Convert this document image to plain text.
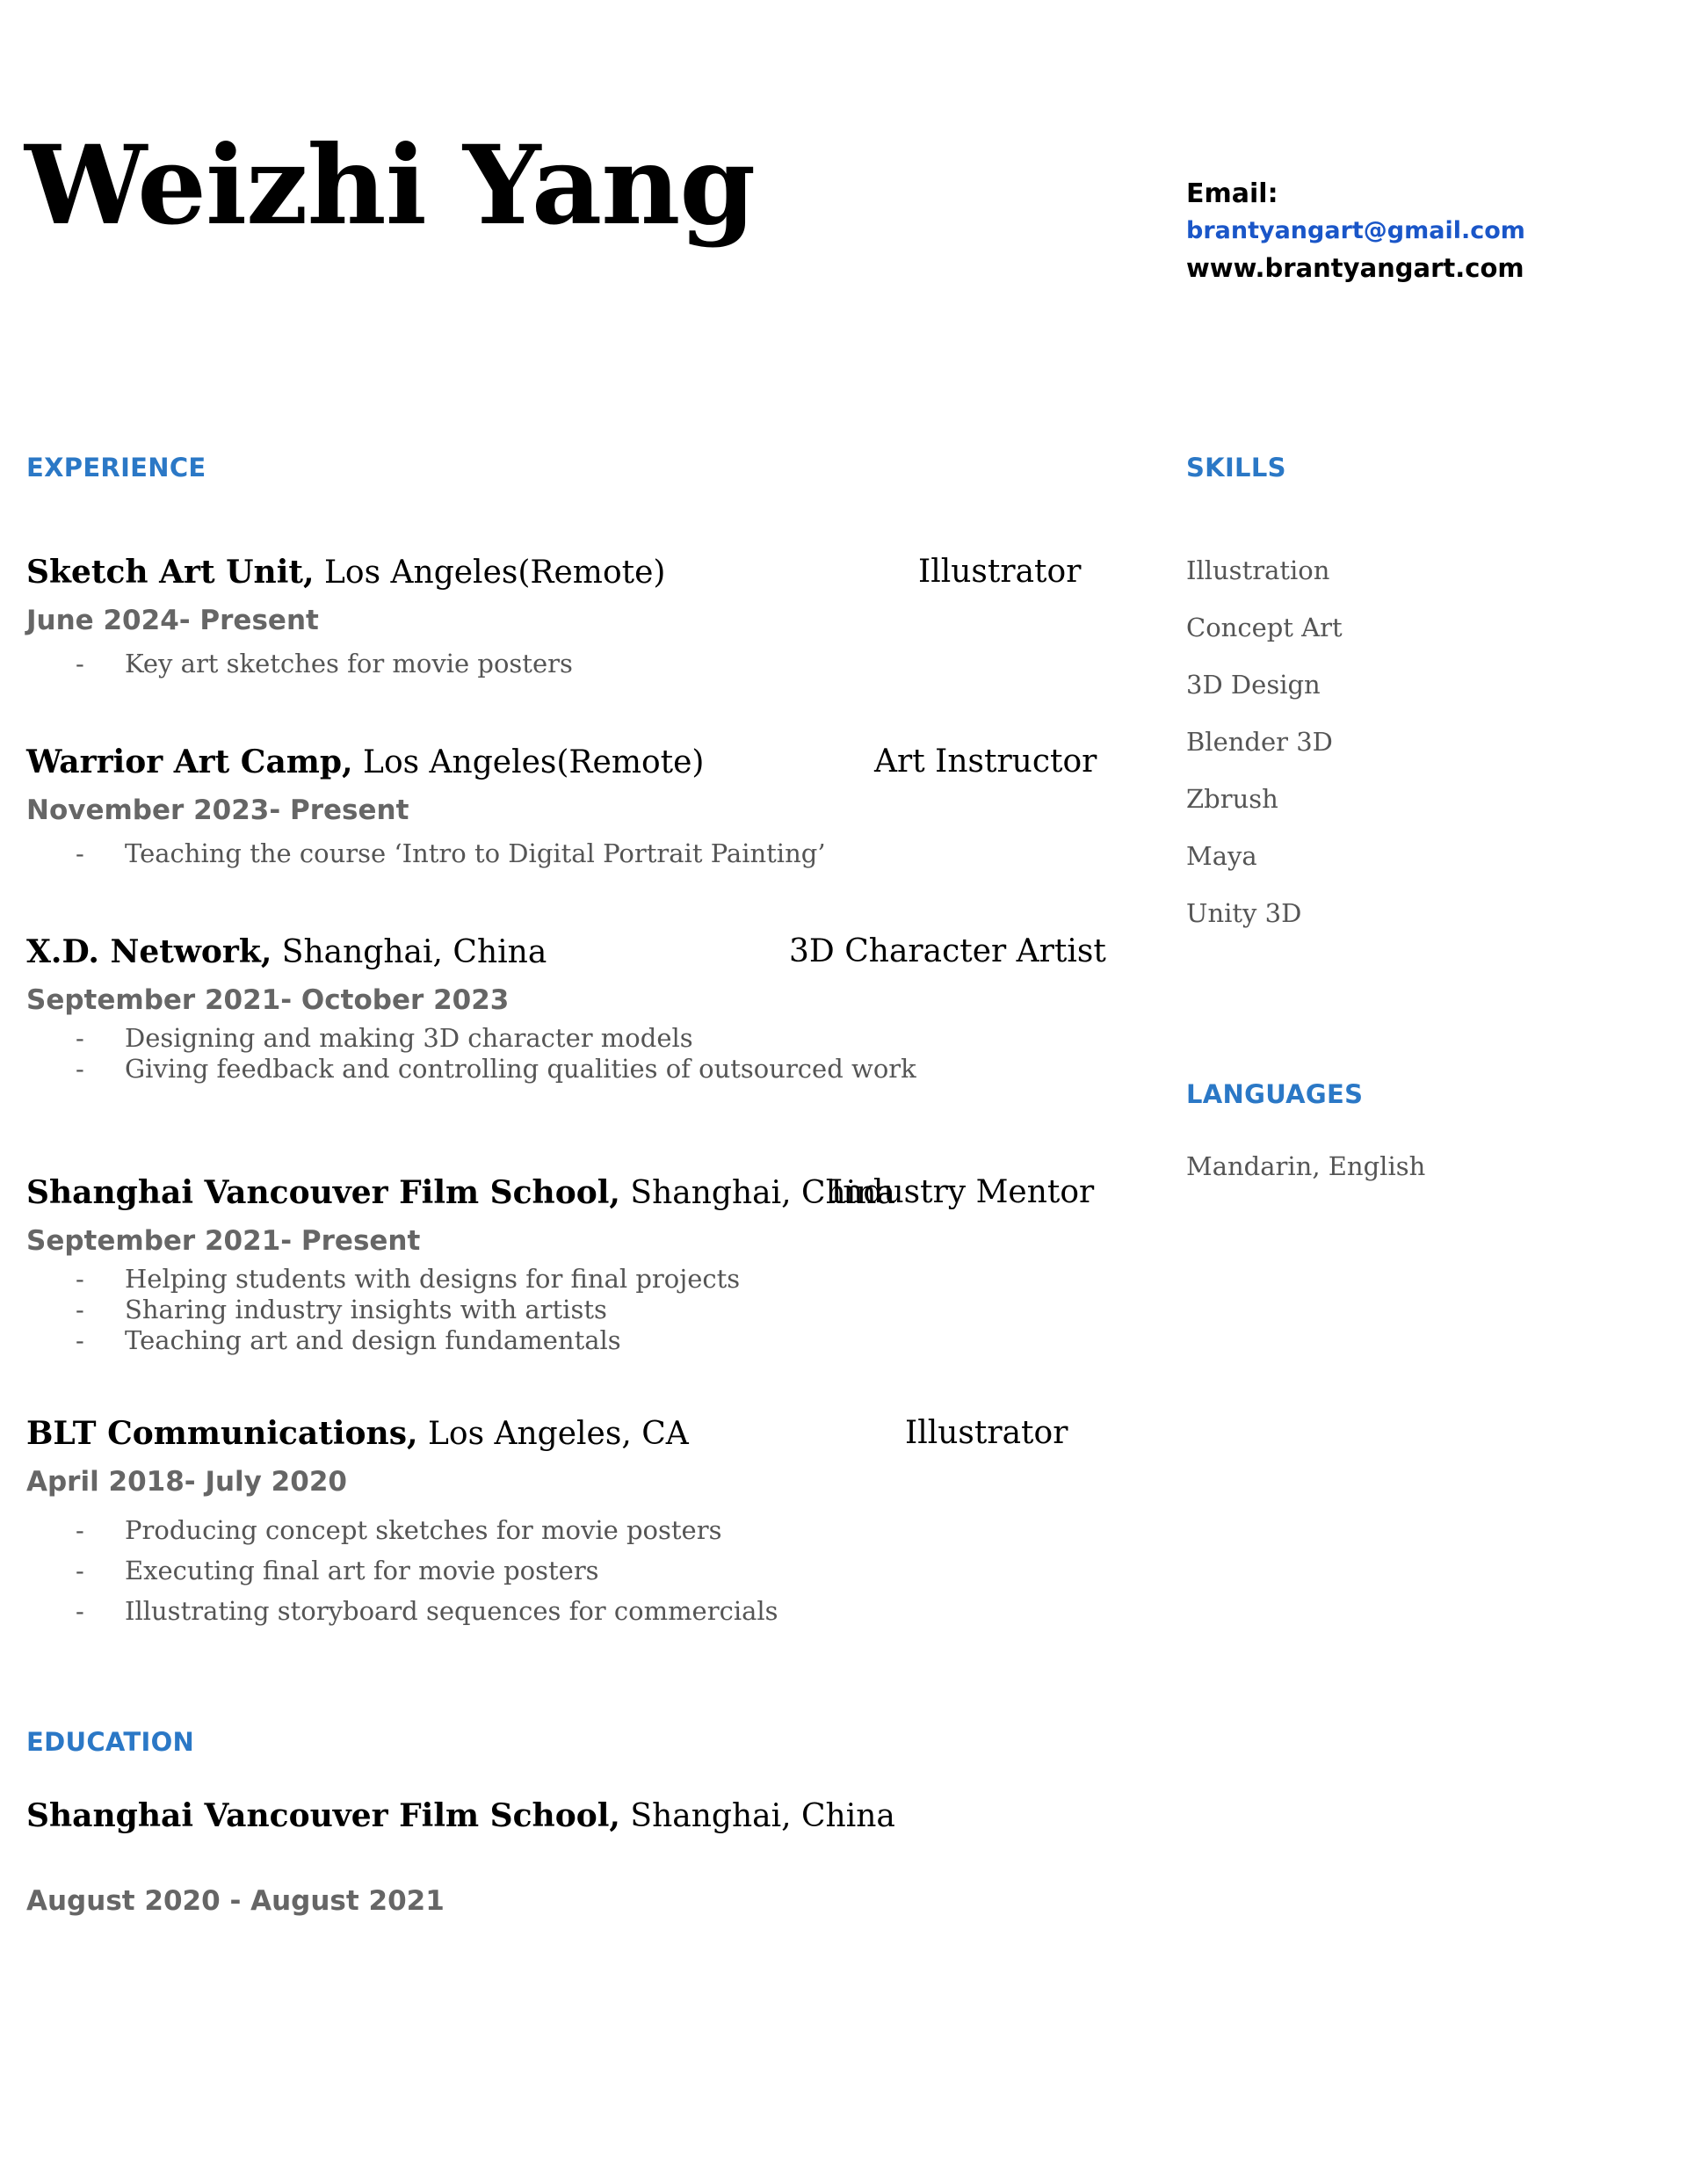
Weizhi Yang	Email:
brantyangart@gmail.com
www.brantyangart.com
EXPERIENCE
Sketch Art Unit, Los Angeles(Remote)	Illustrator
June 2024- Present
- Key art sketches for movie posters
Warrior Art Camp, Los Angeles(Remote)	Art Instructor
November 2023- Present
- Teaching the course ‘Intro to Digital Portrait Painting’
X.D. Network, Shanghai, China	3D Character Artist
September 2021- October 2023
- Designing and making 3D character models
- Giving feedback and controlling qualities of outsourced work
Shanghai Vancouver Film School, Shanghai, China
Industry Mentor
September 2021- Present
- Helping students with designs for final projects
- Sharing industry insights with artists
- Teaching art and design fundamentals
BLT Communications, Los Angeles, CA	Illustrator
April 2018- July 2020
- Producing concept sketches for movie posters
- Executing final art for movie posters
- Illustrating storyboard sequences for commercials
SKILLS
Illustration
Concept Art
3D Design
Blender 3D
Zbrush
Maya
Unity 3D
LANGUAGES
Mandarin, English
EDUCATION
Shanghai Vancouver Film School, Shanghai, China
August 2020 - August 2021
